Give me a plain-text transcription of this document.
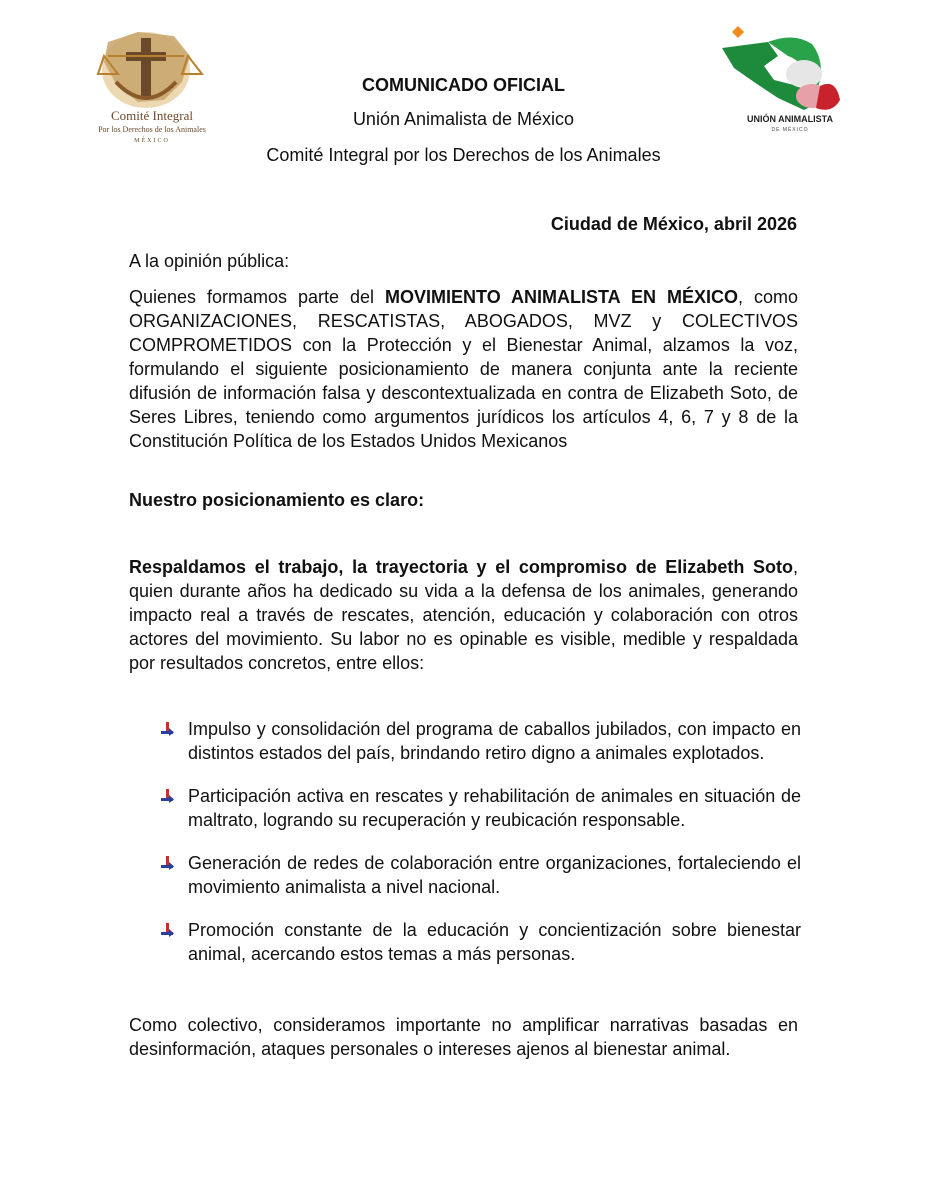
Comité Integral
Por los Derechos de los Animales
MÉXICO
UNIÓN ANIMALISTA
DE MÉXICO
COMUNICADO OFICIAL
Unión Animalista de México
Comité Integral por los Derechos de los Animales
Ciudad de México, abril 2026
A la opinión pública:
Quienes formamos parte del MOVIMIENTO ANIMALISTA EN MÉXICO, como ORGANIZACIONES, RESCATISTAS, ABOGADOS, MVZ y COLECTIVOS COMPROMETIDOS con la Protección y el Bienestar Animal, alzamos la voz, formulando el siguiente posicionamiento de manera conjunta ante la reciente difusión de información falsa y descontextualizada en contra de Elizabeth Soto, de Seres Libres, teniendo como argumentos jurídicos los artículos 4, 6, 7 y 8 de la Constitución Política de los Estados Unidos Mexicanos
Nuestro posicionamiento es claro:
Respaldamos el trabajo, la trayectoria y el compromiso de Elizabeth Soto, quien durante años ha dedicado su vida a la defensa de los animales, generando impacto real a través de rescates, atención, educación y colaboración con otros actores del movimiento. Su labor no es opinable es visible, medible y respaldada por resultados concretos, entre ellos:
Impulso y consolidación del programa de caballos jubilados, con impacto en distintos estados del país, brindando retiro digno a animales explotados.
Participación activa en rescates y rehabilitación de animales en situación de maltrato, logrando su recuperación y reubicación responsable.
Generación de redes de colaboración entre organizaciones, fortaleciendo el movimiento animalista a nivel nacional.
Promoción constante de la educación y concientización sobre bienestar animal, acercando estos temas a más personas.
Como colectivo, consideramos importante no amplificar narrativas basadas en desinformación, ataques personales o intereses ajenos al bienestar animal.
